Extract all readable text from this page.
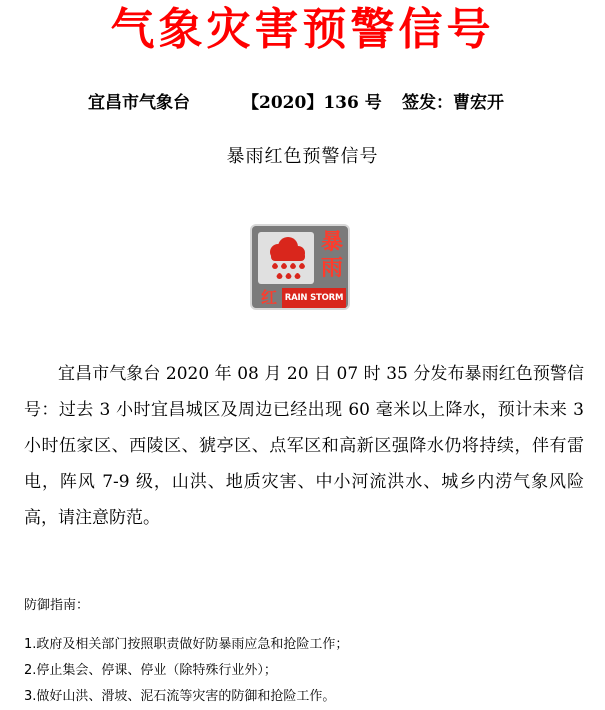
气象灾害预警信号
宜昌市气象台	【2020】136 号 签发：曹宏开
暴雨红色预警信号
暴
雨
红 RAIN STORM

宜昌市气象台 2020 年 08 月 20 日 07 时 35 分发布暴雨红色预警信号：过去 3 小时宜昌城区及周边已经出现 60 毫米以上降水，预计未来 3 小时伍家区、西陵区、猇亭区、点军区和高新区强降水仍将持续，伴有雷电，阵风 7-9 级，山洪、地质灾害、中小河流洪水、城乡内涝气象风险高，请注意防范。

防御指南：
1.政府及相关部门按照职责做好防暴雨应急和抢险工作；
2.停止集会、停课、停业（除特殊行业外）；
3.做好山洪、滑坡、泥石流等灾害的防御和抢险工作。
